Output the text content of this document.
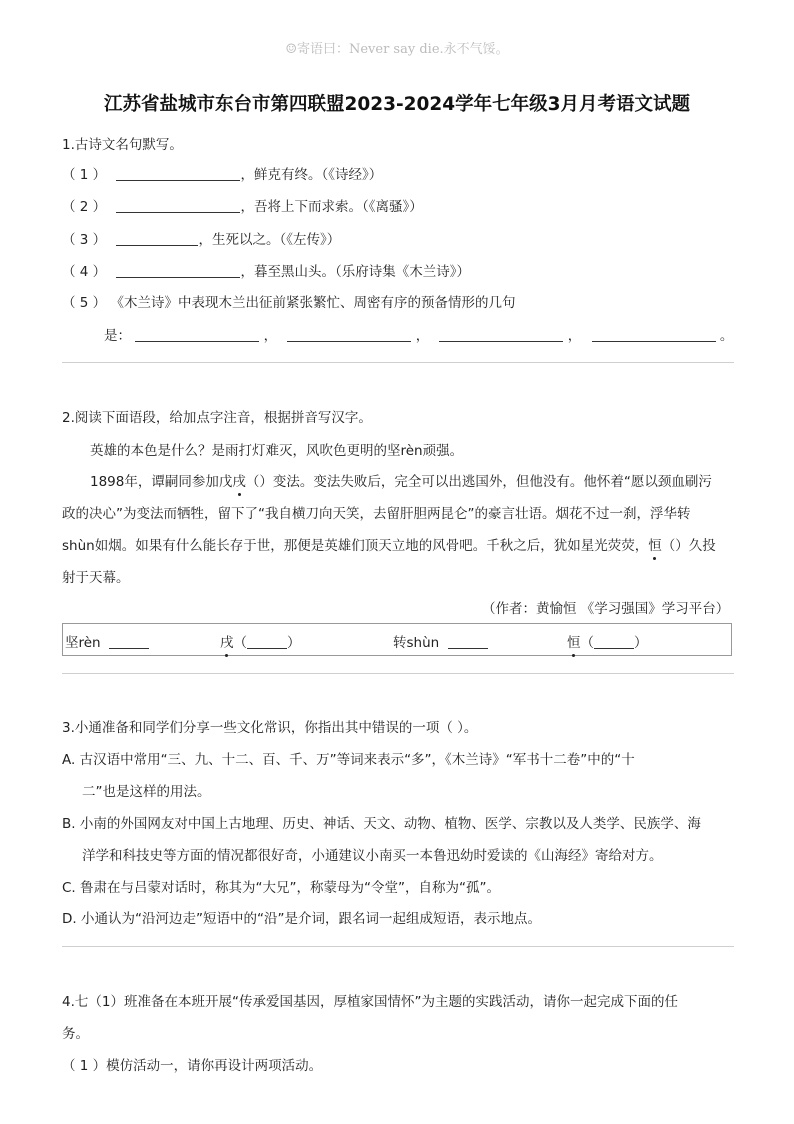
☺寄语曰：Never say die.永不气馁。
江苏省盐城市东台市第四联盟2023-2024学年七年级3月月考语文试题
1.古诗文名句默写。
（ 1 ）	，鲜克有终。（《诗经》）
（ 2 ）	，吾将上下而求索。（《离骚》）
（ 3 ）	，生死以之。（《左传》）
（ 4 ）	，暮至黑山头。（乐府诗集《木兰诗》）
（ 5 ） 《木兰诗》中表现木兰出征前紧张繁忙、周密有序的预备情形的几句
是：	，	，	，	。
2.阅读下面语段，给加点字注音，根据拼音写汉字。
英雄的本色是什么？是雨打灯难灭，风吹色更明的坚rèn顽强。
1898年，谭嗣同参加戊戌（）变法。变法失败后，完全可以出逃国外，但他没有。他怀着“愿以颈血刷污
政的决心”为变法而牺牲，留下了“我自横刀向天笑，去留肝胆两昆仑”的豪言壮语。烟花不过一刹，浮华转
shùn如烟。如果有什么能长存于世，那便是英雄们顶天立地的风骨吧。千秋之后，犹如星光荧荧，恒（）久投
射于天幕。
（作者：黄愉恒 《学习强国》学习平台）
坚rèn	戌（	）	转shùn	恒（	）
3.小通准备和同学们分享一些文化常识，你指出其中错误的一项（ ）。
A. 古汉语中常用“三、九、十二、百、千、万”等词来表示“多”，《木兰诗》“军书十二卷”中的“十
二”也是这样的用法。
B. 小南的外国网友对中国上古地理、历史、神话、天文、动物、植物、医学、宗教以及人类学、民族学、海
洋学和科技史等方面的情况都很好奇，小通建议小南买一本鲁迅幼时爱读的《山海经》寄给对方。
C. 鲁肃在与吕蒙对话时，称其为“大兄”，称蒙母为“令堂”，自称为“孤”。
D. 小通认为“沿河边走”短语中的“沿”是介词，跟名词一起组成短语，表示地点。
4.七（1）班准备在本班开展“传承爱国基因，厚植家国情怀”为主题的实践活动，请你一起完成下面的任
务。
（ 1 ）模仿活动一，请你再设计两项活动。
